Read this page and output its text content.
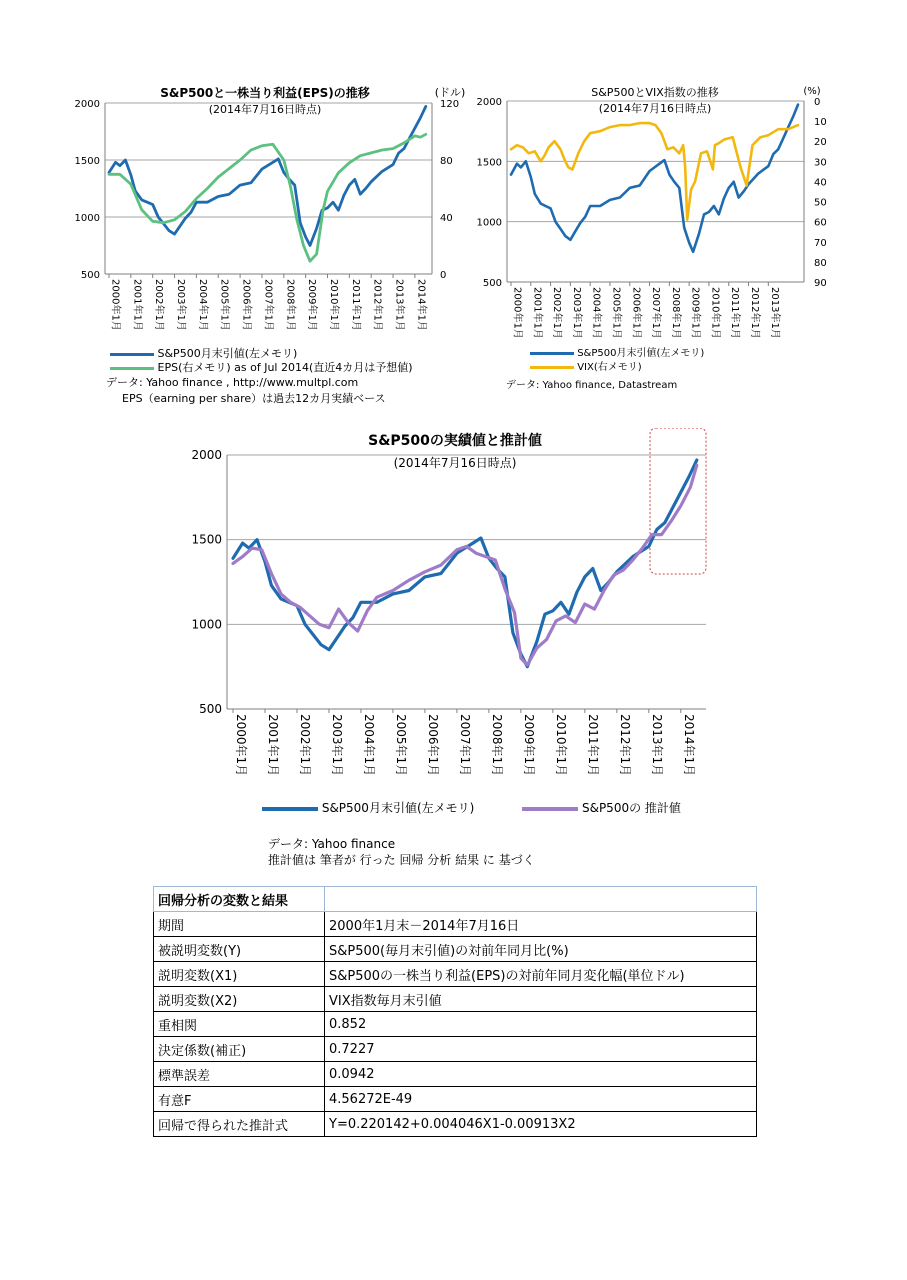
S&P500と一株当り利益(EPS)の推移
(2014年7月16日時点)
(ドル)
500
1000
1500
2000
0
40
80
120
2000年1月 2001年1月 2002年1月 2003年1月 2004年1月 2005年1月 2006年1月 2007年1月 2008年1月 2009年1月 2010年1月 2011年1月 2012年1月 2013年1月 2014年1月
S&P500月末引値(左メモリ)
EPS(右メモリ) as of Jul 2014(直近4カ月は予想値)
データ: Yahoo finance , http://www.multpl.com
EPS（earning per share）は過去12カ月実績ベース
S&P500とVIX指数の推移
(2014年7月16日時点)
(%)
500
1000
1500
2000	0
10
20
30
40
50
60
70
80
90
2000年1月 2001年1月 2002年1月 2003年1月 2004年1月 2005年1月 2006年1月 2007年1月 2008年1月 2009年1月 2010年1月 2011年1月 2012年1月 2013年1月
S&P500月末引値(左メモリ)
VIX(右メモリ)
データ: Yahoo finance, Datastream
S&P500の実績値と推計値
(2014年7月16日時点)
500
1000
1500
2000
2000年1月 2001年1月 2002年1月 2003年1月 2004年1月 2005年1月 2006年1月 2007年1月 2008年1月 2009年1月 2010年1月 2011年1月 2012年1月 2013年1月 2014年1月
S&P500月末引値(左メモリ)	S&P500の 推計値
データ: Yahoo finance
推計値は 筆者が 行った 回帰 分析 結果 に 基づく
回帰分析の変数と結果	
期間	2000年1月末－2014年7月16日
被説明変数(Y)	S&P500(毎月末引値)の対前年同月比(%)
説明変数(X1)	S&P500の一株当り利益(EPS)の対前年同月変化幅(単位ドル)
説明変数(X2)	VIX指数毎月末引値
重相関	0.852
決定係数(補正)	0.7227
標準誤差	0.0942
有意F	4.56272E-49
回帰で得られた推計式	Y=0.220142+0.004046X1-0.00913X2
